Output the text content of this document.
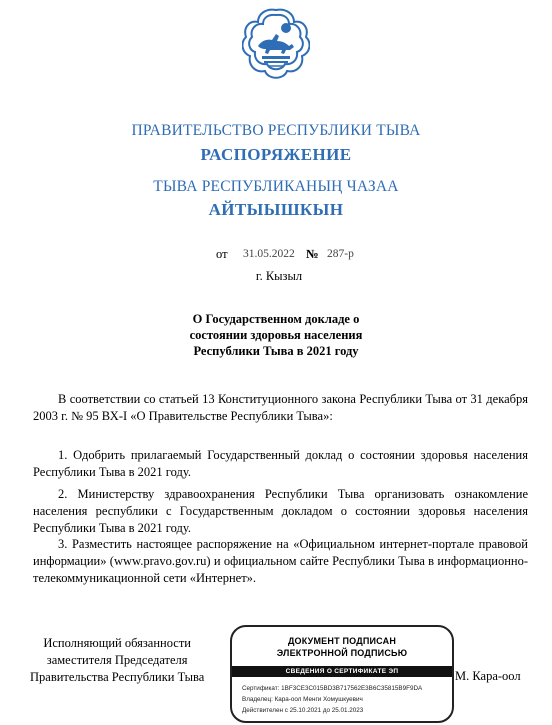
ПРАВИТЕЛЬСТВО РЕСПУБЛИКИ ТЫВА
РАСПОРЯЖЕНИЕ
ТЫВА РЕСПУБЛИКАНЫҢ ЧАЗАА
АЙТЫЫШКЫН
от 31.05.2022 № 287-р
г. Кызыл
О Государственном докладе о
состоянии здоровья населения
Республики Тыва в 2021 году

В соответствии со статьей 13 Конституционного закона Республики Тыва от 31 декабря 2003 г. № 95 ВХ-I «О Правительстве Республики Тыва»:

1. Одобрить прилагаемый Государственный доклад о состоянии здоровья населения Республики Тыва в 2021 году.

2. Министерству здравоохранения Республики Тыва организовать ознакомление населения республики с Государственным докладом о состоянии здоровья населения Республики Тыва в 2021 году.

3. Разместить настоящее распоряжение на «Официальном интернет-портале правовой информации» (www.pravo.gov.ru) и официальном сайте Республики Тыва в информационно-телекоммуникационной сети «Интернет».

Исполняющий обязанности
заместителя Председателя
Правительства Республики Тыва	М. Кара-оол
ДОКУМЕНТ ПОДПИСАН
ЭЛЕКТРОННОЙ ПОДПИСЬЮ
СВЕДЕНИЯ О СЕРТИФИКАТЕ ЭП
Сертификат: 1BF3CE3C015BD3B717562E3B6C35815B9F9DA
Владелец: Кара-оол Менги Хомушкуевич
Действителен с 25.10.2021 до 25.01.2023
